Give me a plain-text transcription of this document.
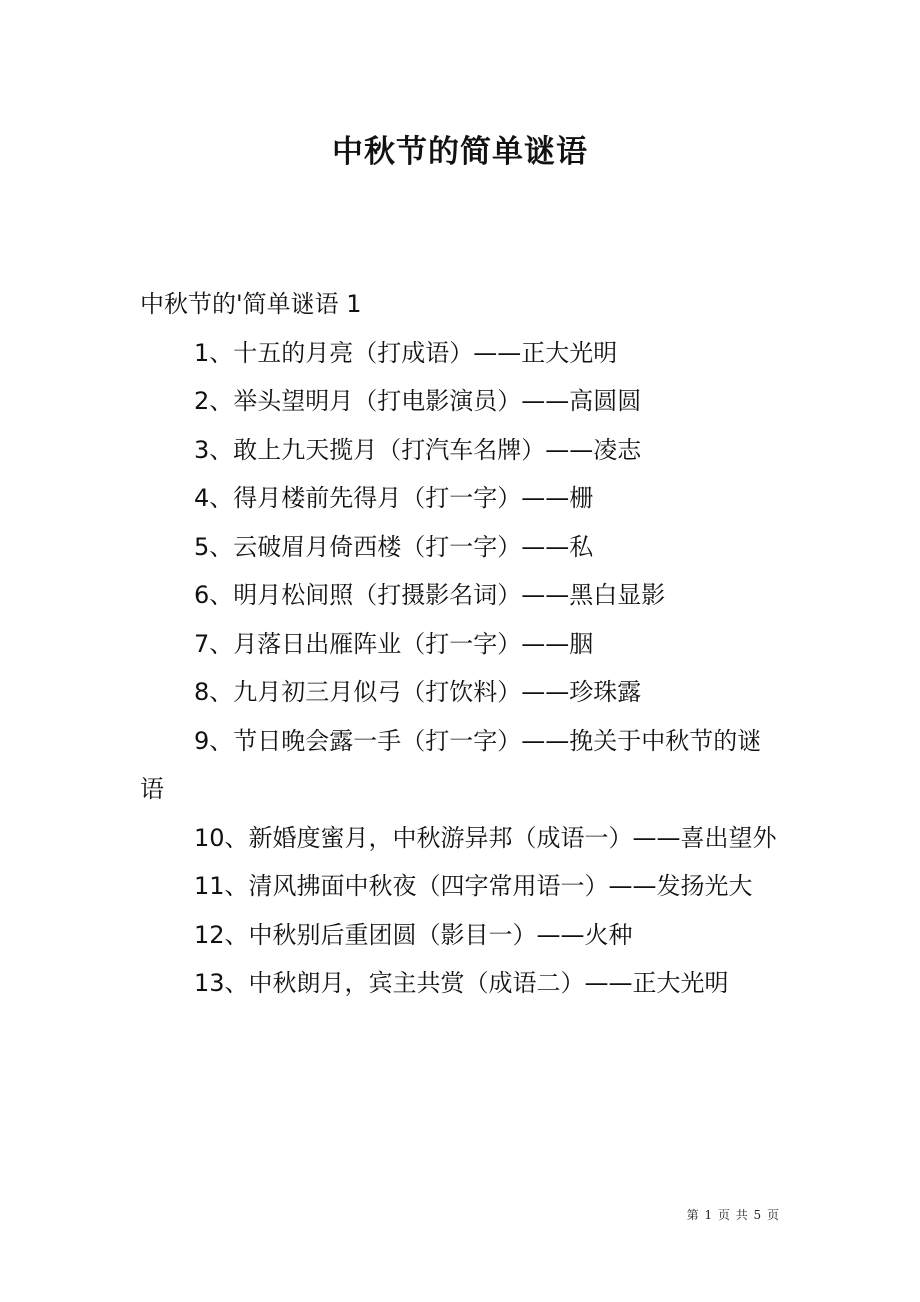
中秋节的简单谜语

中秋节的'简单谜语 1

1、十五的月亮（打成语）——正大光明

2、举头望明月（打电影演员）——高圆圆

3、敢上九天揽月（打汽车名牌）——凌志

4、得月楼前先得月（打一字）——栅

5、云破眉月倚西楼（打一字）——私

6、明月松间照（打摄影名词）——黑白显影

7、月落日出雁阵业（打一字）——胭

8、九月初三月似弓（打饮料）——珍珠露

9、节日晚会露一手（打一字）——挽关于中秋节的谜语

10、新婚度蜜月，中秋游异邦（成语一）——喜出望外

11、清风拂面中秋夜（四字常用语一）——发扬光大

12、中秋别后重团圆（影目一）——火种

13、中秋朗月，宾主共赏（成语二）——正大光明

第 1 页 共 5 页
